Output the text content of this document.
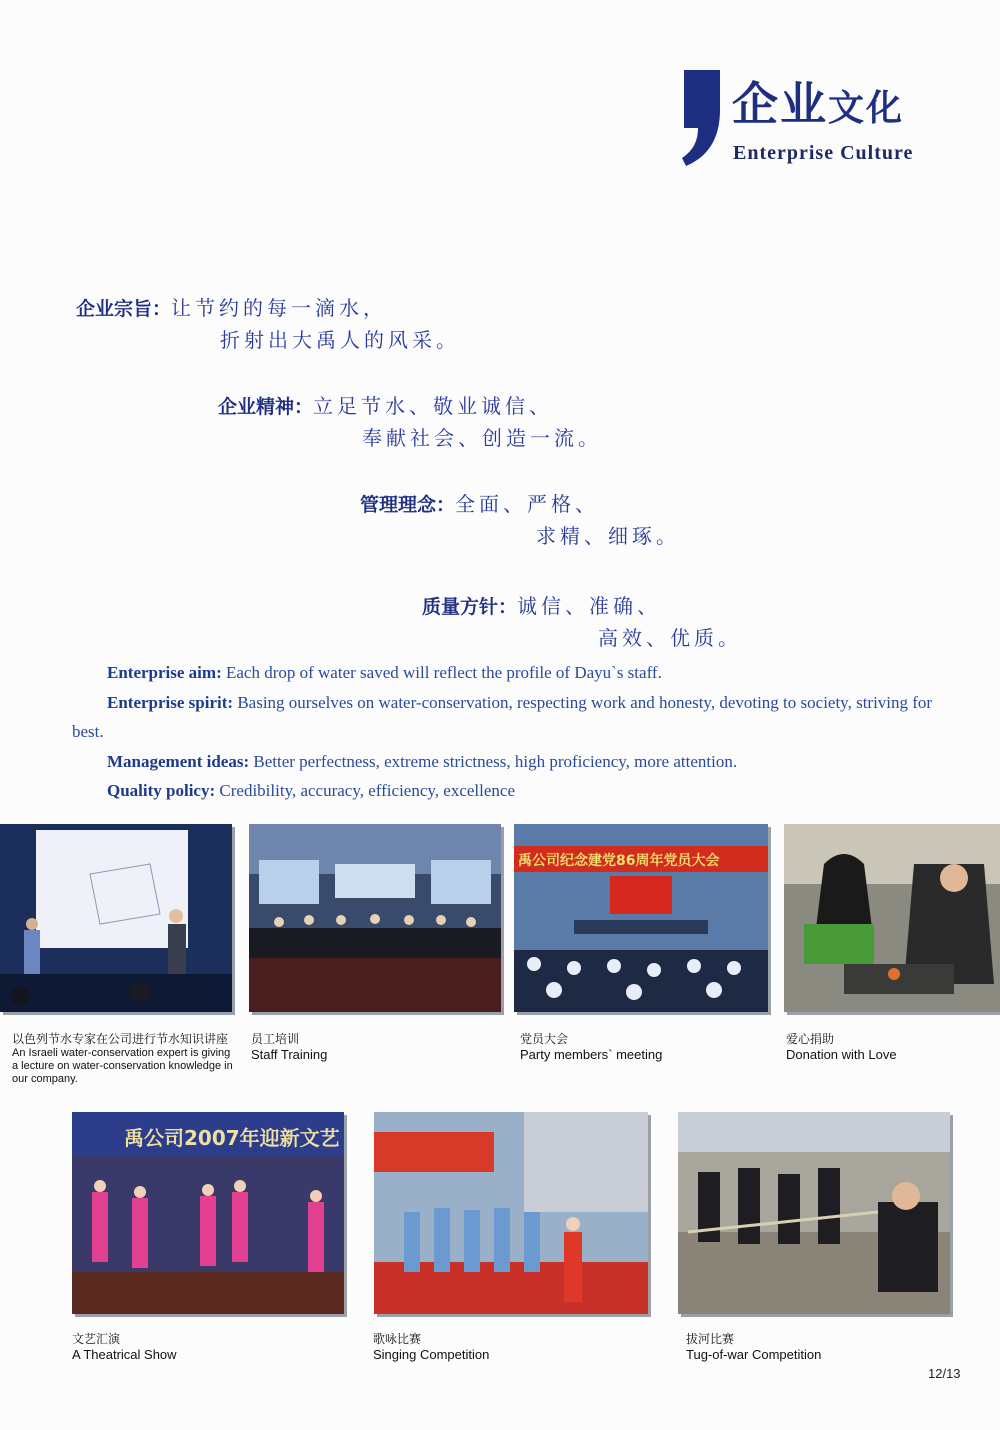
企业文化
Enterprise Culture
企业宗旨：让节约的每一滴水，
折射出大禹人的风采。
企业精神：立足节水、敬业诚信、
奉献社会、创造一流。
管理理念：全面、严格、
求精、细琢。
质量方针：诚信、准确、
高效、优质。
Enterprise aim: Each drop of water saved will reflect the profile of Dayu`s staff.
Enterprise spirit: Basing ourselves on water-conservation, respecting work and honesty, devoting to society, striving for best.
Management ideas: Better perfectness, extreme strictness, high proficiency, more attention.
Quality policy: Credibility, accuracy, efficiency, excellence
以色列节水专家在公司进行节水知识讲座
An Israeli water-conservation expert is giving a lecture on water-conservation knowledge in our company.
员工培训
Staff Training
禹公司纪念建党86周年党员大会
党员大会
Party members` meeting
爱心捐助
Donation with Love
禹公司2007年迎新文艺
文艺汇演
A Theatrical Show
歌咏比赛
Singing Competition
拔河比赛
Tug-of-war Competition
12/13
